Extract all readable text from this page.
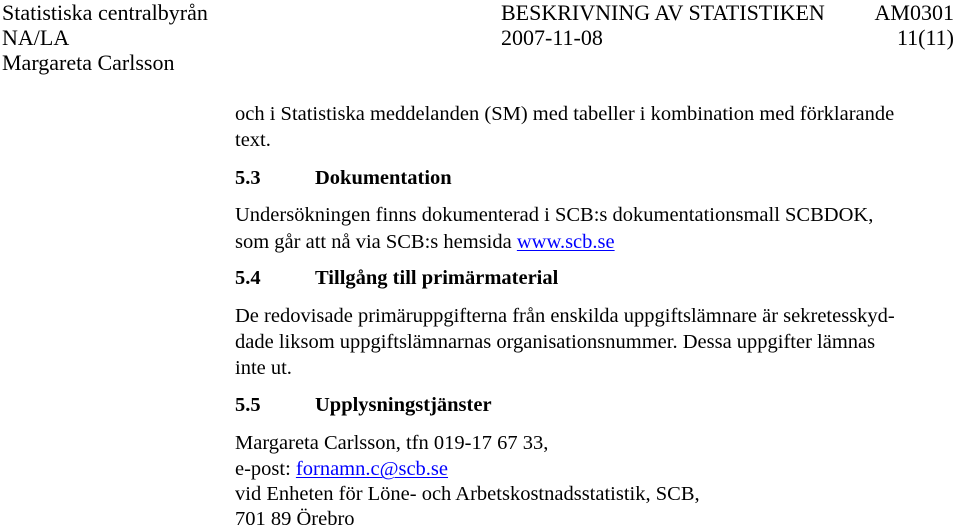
Statistiska centralbyrån	BESKRIVNING AV STATISTIKEN AM0301
NA/LA	2007-11-08	11(11)
Margareta Carlsson
och i Statistiska meddelanden (SM) med tabeller i kombination med förklarande
text.
5.3	Dokumentation
Undersökningen finns dokumenterad i SCB:s dokumentationsmall SCBDOK,
som går att nå via SCB:s hemsida www.scb.se
5.4	Tillgång till primärmaterial
De redovisade primäruppgifterna från enskilda uppgiftslämnare är sekretesskyd-
dade liksom uppgiftslämnarnas organisationsnummer. Dessa uppgifter lämnas
inte ut.
5.5	Upplysningstjänster
Margareta Carlsson, tfn 019-17 67 33,
e-post: fornamn.c@scb.se
vid Enheten för Löne- och Arbetskostnadsstatistik, SCB,
701 89 Örebro
